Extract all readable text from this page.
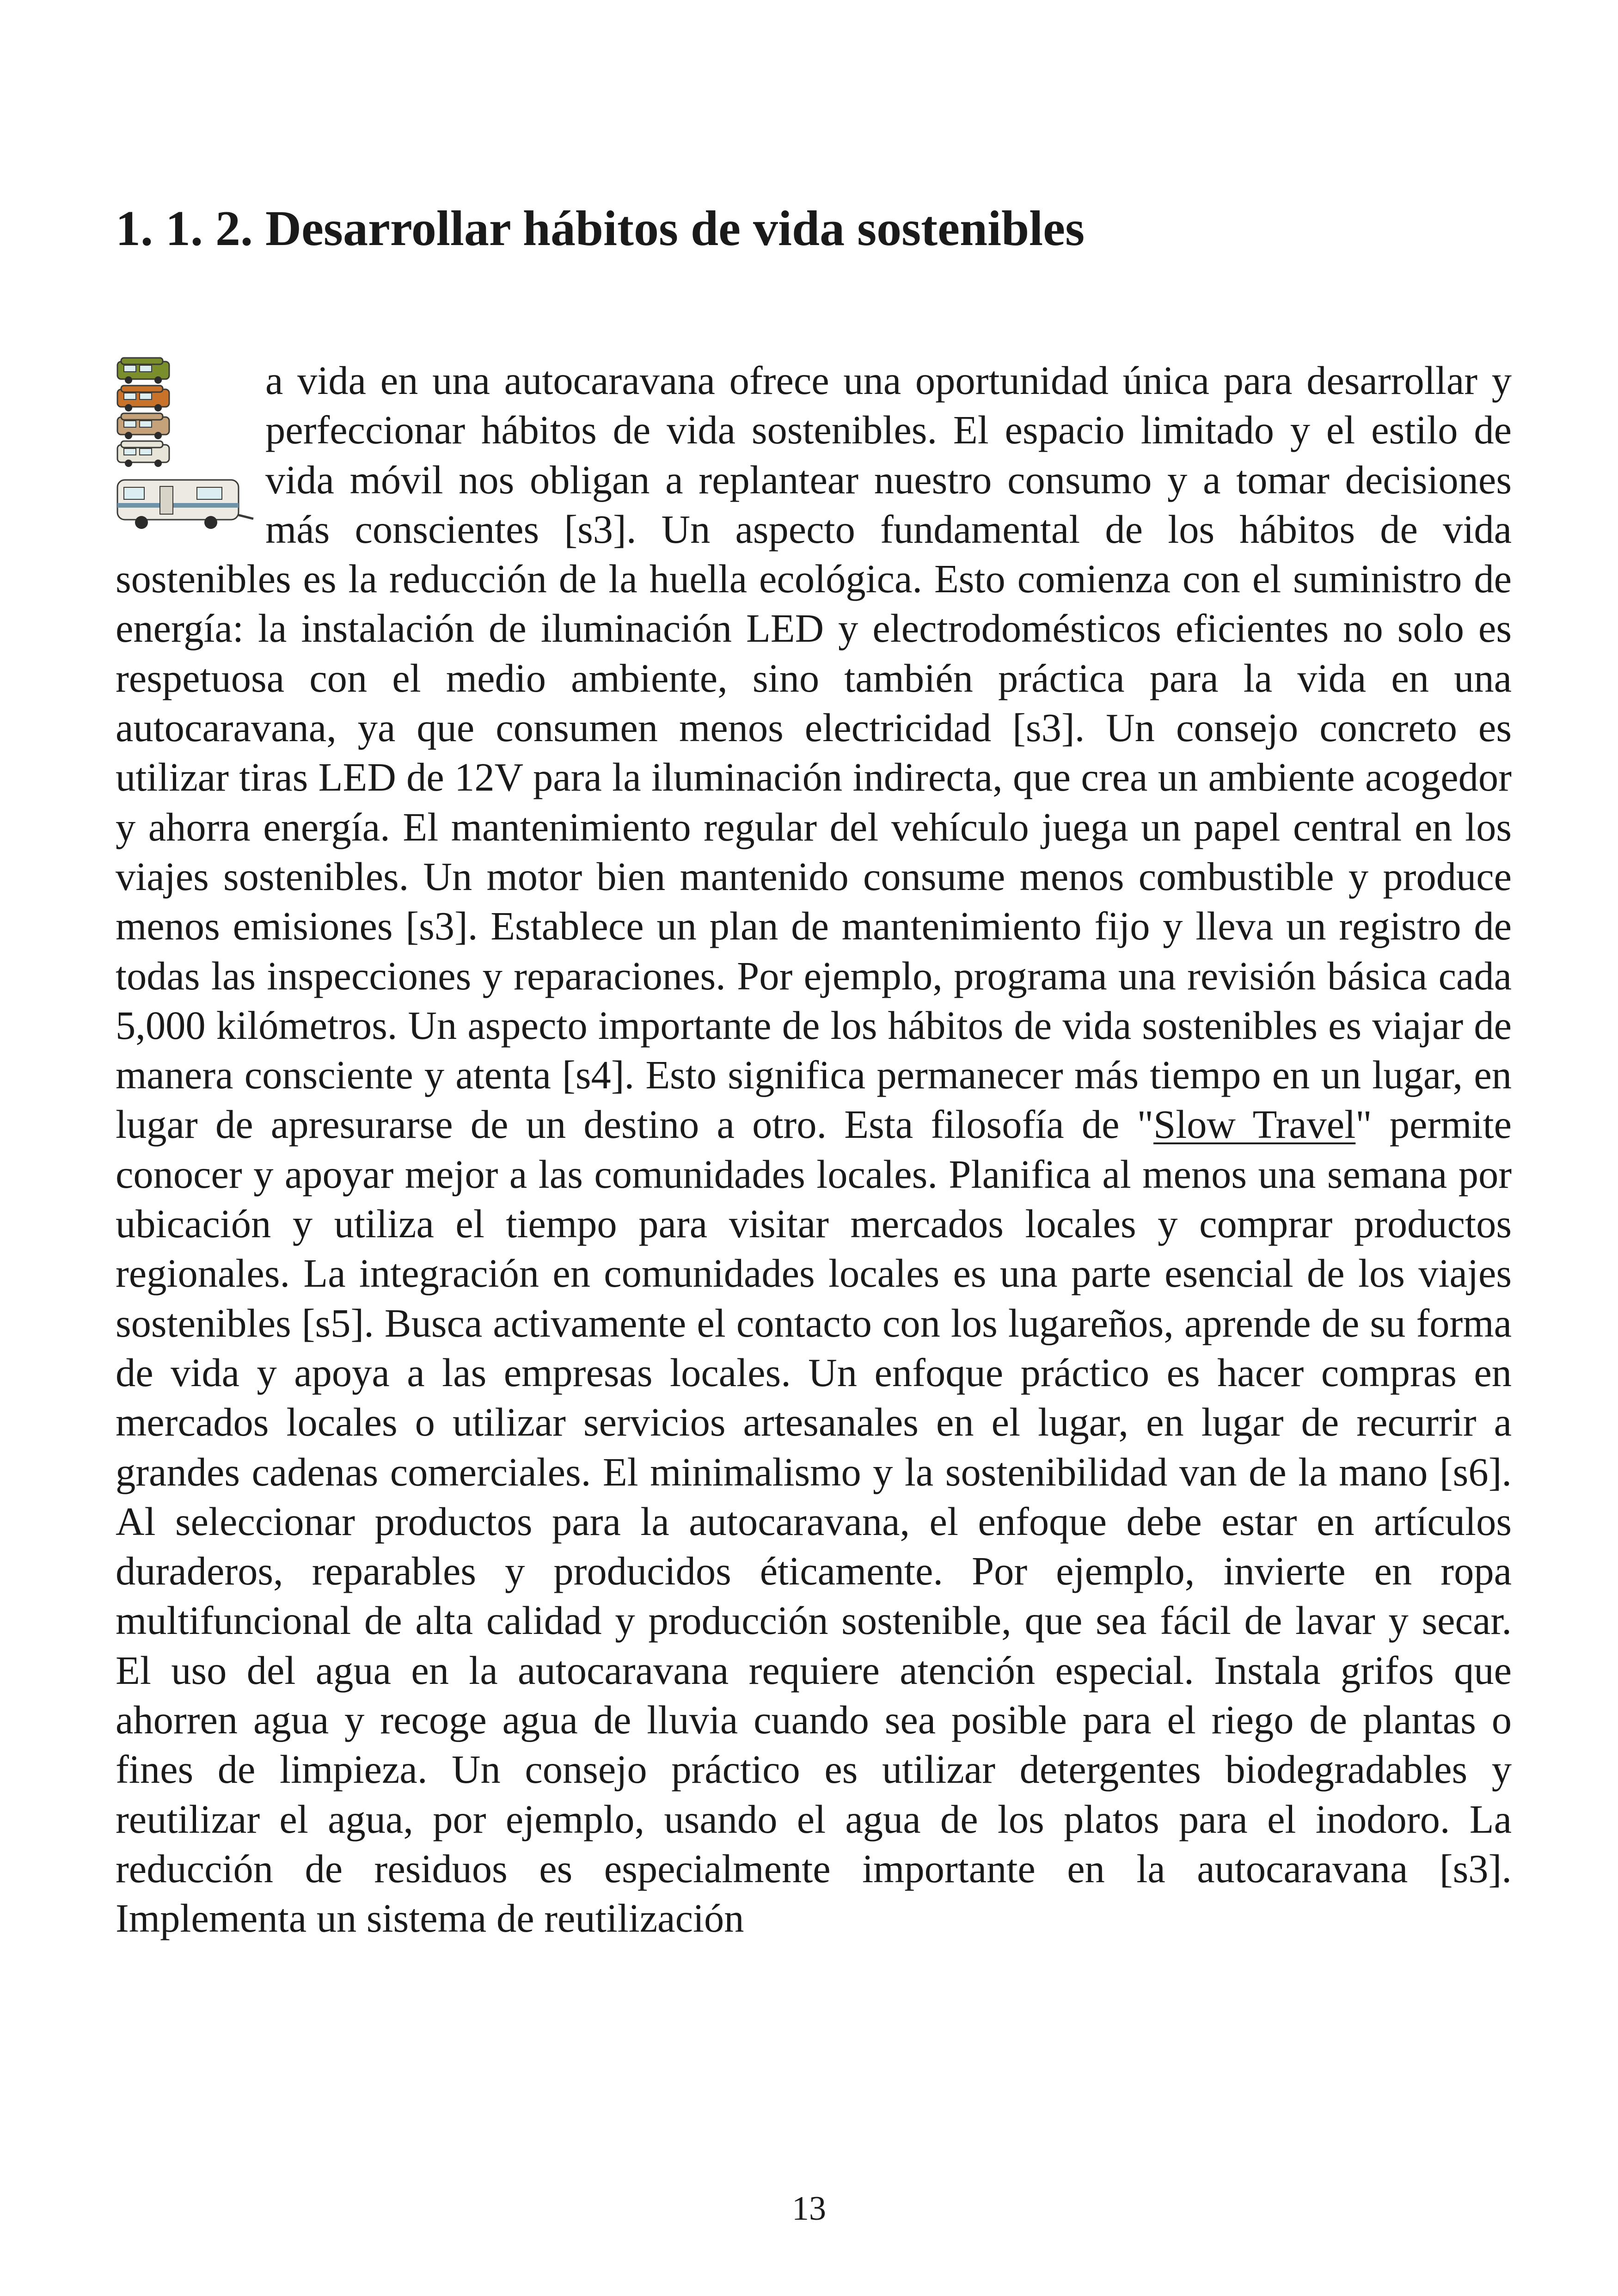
1. 1. 2. Desarrollar hábitos de vida sostenibles

a vida en una autocaravana ofrece una oportunidad única para desarrollar y perfeccionar hábitos de vida sostenibles. El espacio limitado y el estilo de vida móvil nos obligan a replantear nuestro consumo y a tomar decisiones más conscientes [s3]. Un aspecto fundamental de los hábitos de vida sostenibles es la reducción de la huella ecológica. Esto comienza con el suministro de energía: la instalación de iluminación LED y electrodomésticos eficientes no solo es respetuosa con el medio ambiente, sino también práctica para la vida en una autocaravana, ya que consumen menos electricidad [s3]. Un consejo concreto es utilizar tiras LED de 12V para la iluminación indirecta, que crea un ambiente acogedor y ahorra energía. El mantenimiento regular del vehículo juega un papel central en los viajes sostenibles. Un motor bien mantenido consume menos combustible y produce menos emisiones [s3]. Establece un plan de mantenimiento fijo y lleva un registro de todas las inspecciones y reparaciones. Por ejemplo, programa una revisión básica cada 5,000 kilómetros. Un aspecto importante de los hábitos de vida sostenibles es viajar de manera consciente y atenta [s4]. Esto significa permanecer más tiempo en un lugar, en lugar de apresurarse de un destino a otro. Esta filosofía de "Slow Travel" permite conocer y apoyar mejor a las comunidades locales. Planifica al menos una semana por ubicación y utiliza el tiempo para visitar mercados locales y comprar productos regionales. La integración en comunidades locales es una parte esencial de los viajes sostenibles [s5]. Busca activamente el contacto con los lugareños, aprende de su forma de vida y apoya a las empresas locales. Un enfoque práctico es hacer compras en mercados locales o utilizar servicios artesanales en el lugar, en lugar de recurrir a grandes cadenas comerciales. El minimalismo y la sostenibilidad van de la mano [s6]. Al seleccionar productos para la autocaravana, el enfoque debe estar en artículos duraderos, reparables y producidos éticamente. Por ejemplo, invierte en ropa multifuncional de alta calidad y producción sostenible, que sea fácil de lavar y secar. El uso del agua en la autocaravana requiere atención especial. Instala grifos que ahorren agua y recoge agua de lluvia cuando sea posible para el riego de plantas o fines de limpieza. Un consejo práctico es utilizar detergentes biodegradables y reutilizar el agua, por ejemplo, usando el agua de los platos para el inodoro. La reducción de residuos es especialmente importante en la autocaravana [s3]. Implementa un sistema de reutilización

13
